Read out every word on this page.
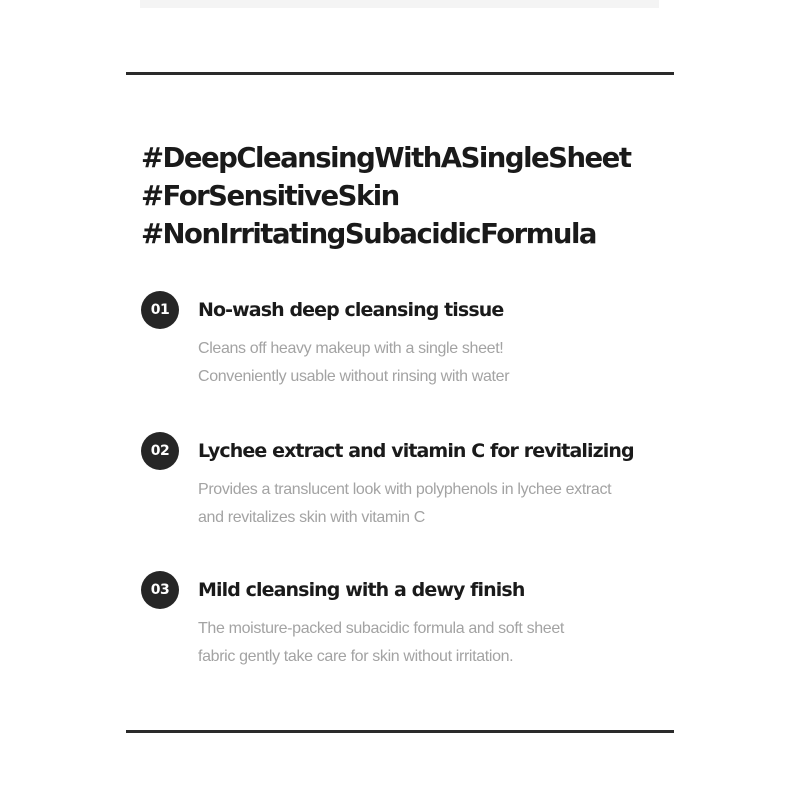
#DeepCleansingWithASingleSheet
#ForSensitiveSkin
#NonIrritatingSubacidicFormula
01	No-wash deep cleansing tissue
Cleans off heavy makeup with a single sheet!
Conveniently usable without rinsing with water
02	Lychee extract and vitamin C for revitalizing
Provides a translucent look with polyphenols in lychee extract
and revitalizes skin with vitamin C
03	Mild cleansing with a dewy finish
The moisture-packed subacidic formula and soft sheet
fabric gently take care for skin without irritation.
